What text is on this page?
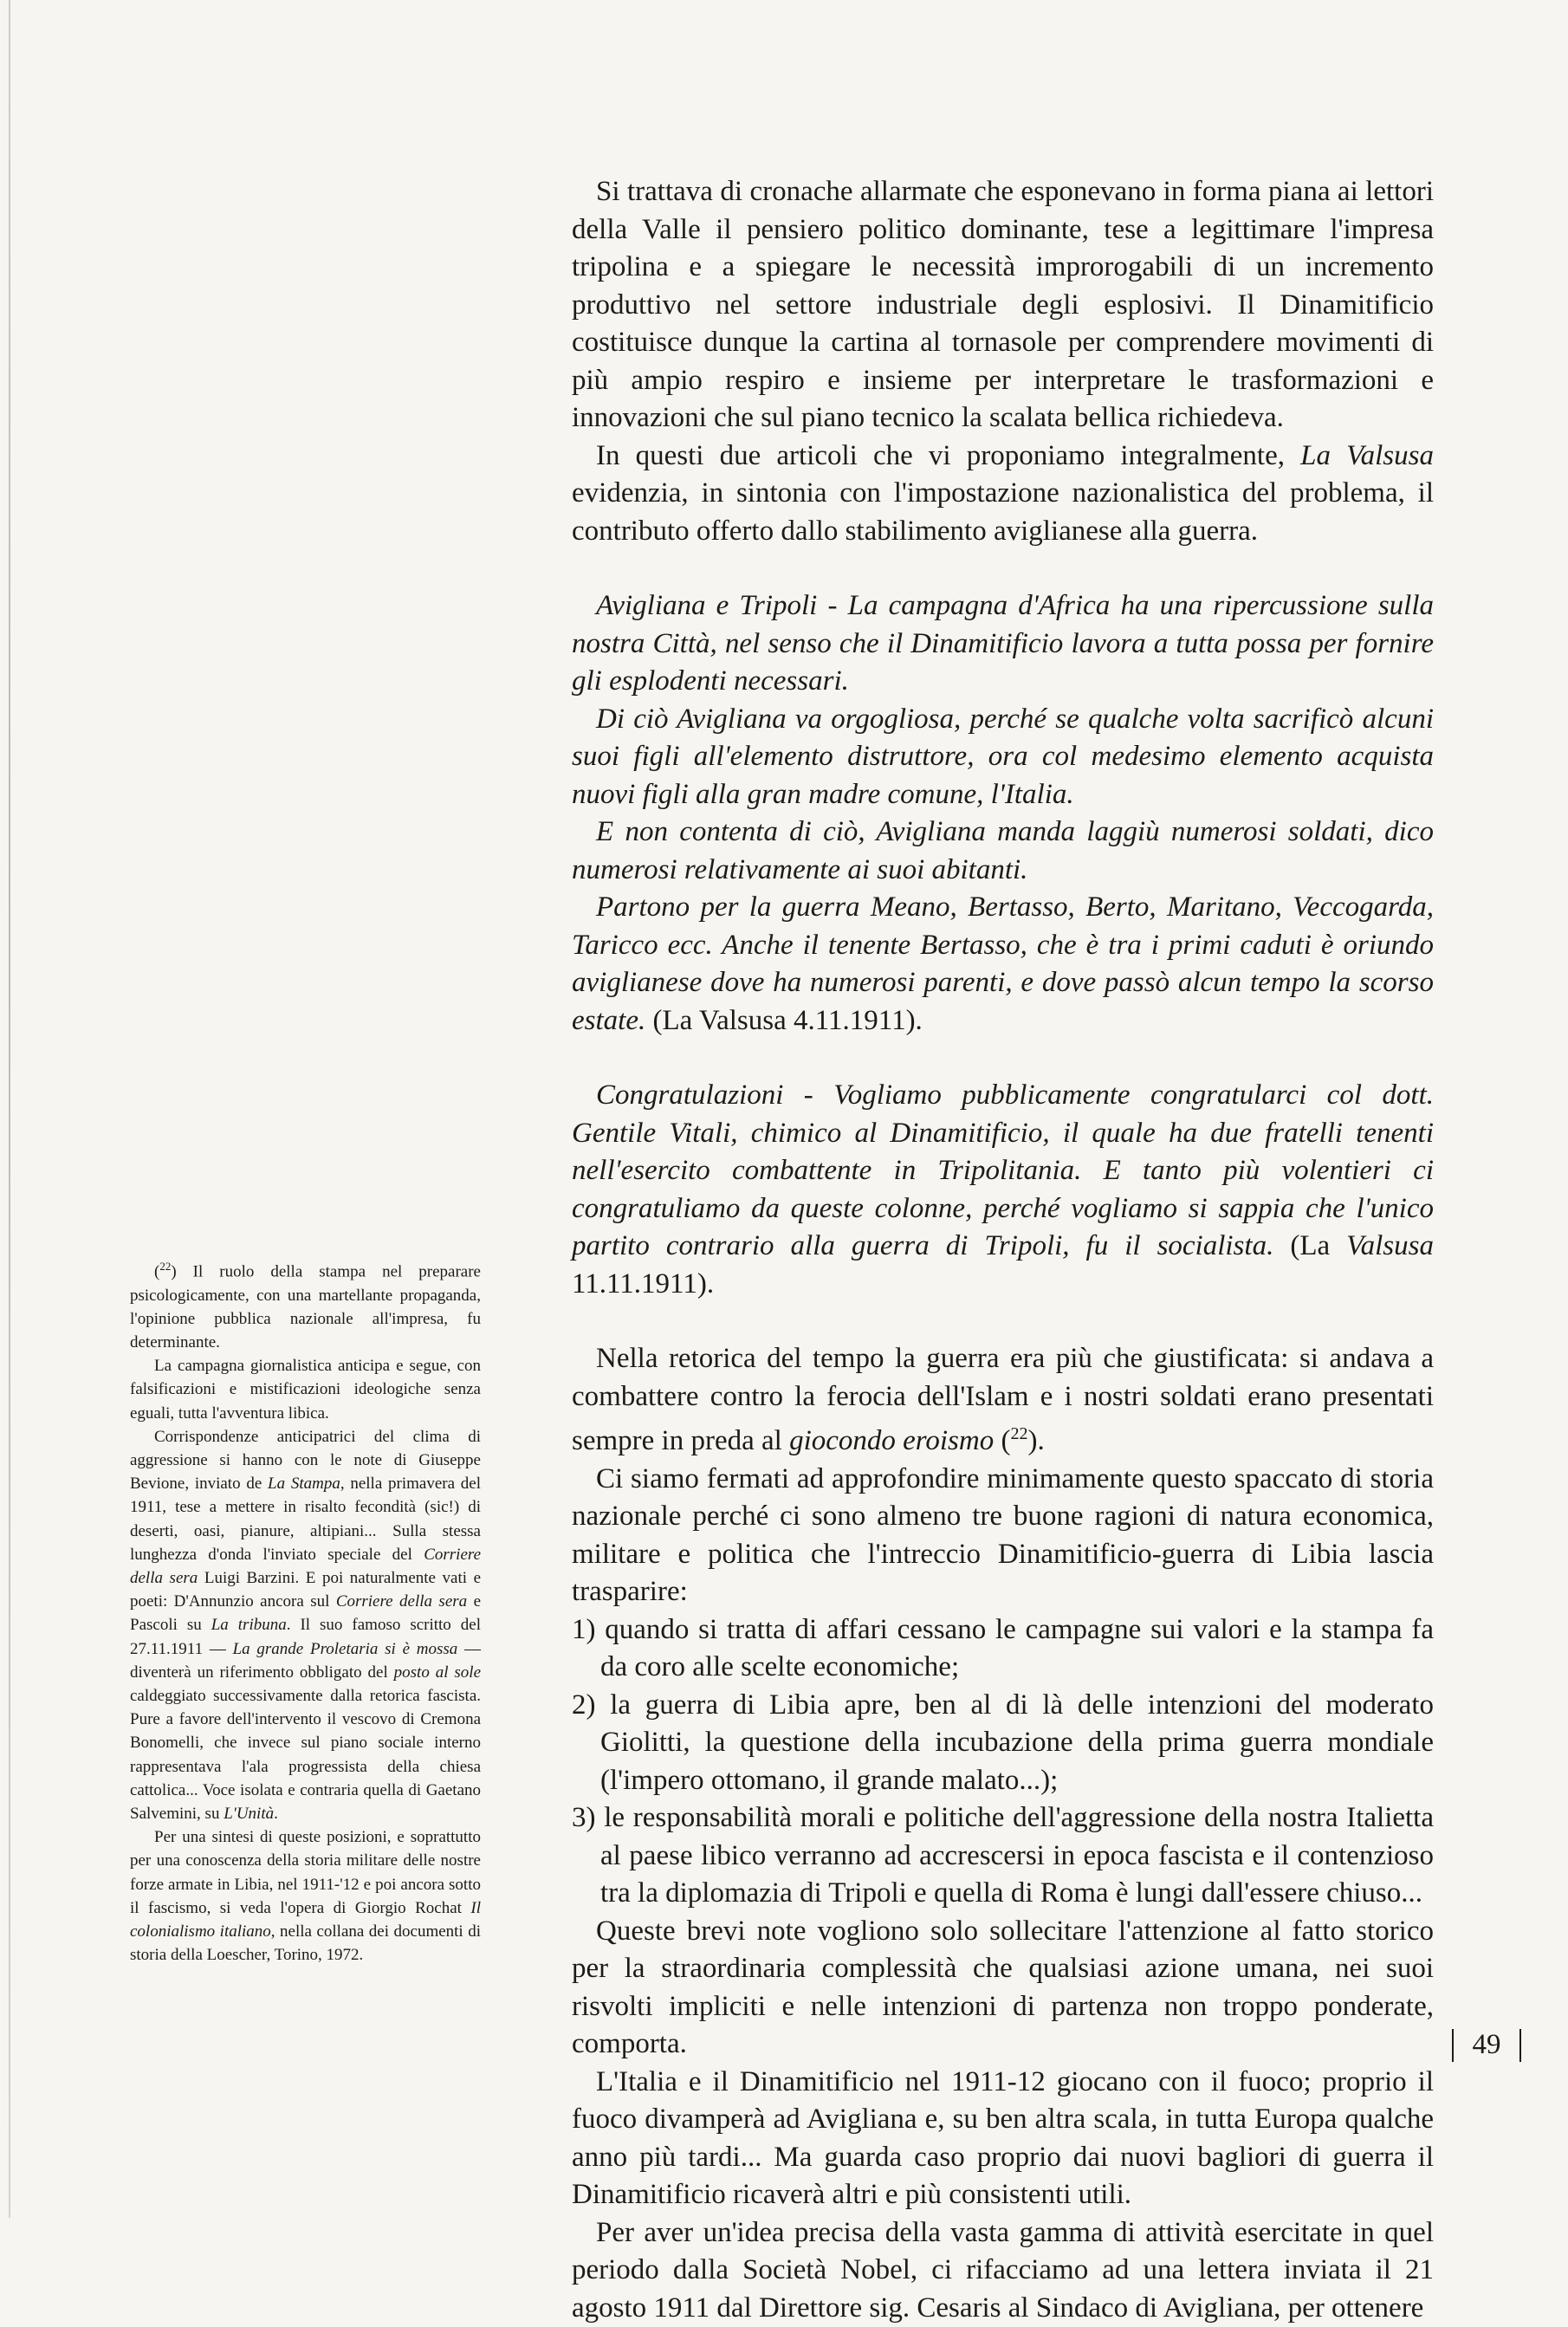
Si trattava di cronache allarmate che esponevano in forma piana ai lettori della Valle il pensiero politico dominante, tese a legittimare l'impresa tripolina e a spiegare le necessità improrogabili di un incremento produttivo nel settore industriale degli esplosivi. Il Dinamitificio costituisce dunque la cartina al tornasole per comprendere movimenti di più ampio respiro e insieme per interpretare le trasformazioni e innovazioni che sul piano tecnico la scalata bellica richiedeva.

In questi due articoli che vi proponiamo integralmente, La Valsusa evidenzia, in sintonia con l'impostazione nazionalistica del problema, il contributo offerto dallo stabilimento aviglianese alla guerra.

Avigliana e Tripoli - La campagna d'Africa ha una ripercussione sulla nostra Città, nel senso che il Dinamitificio lavora a tutta possa per fornire gli esplodenti necessari.

Di ciò Avigliana va orgogliosa, perché se qualche volta sacrificò alcuni suoi figli all'elemento distruttore, ora col medesimo elemento acquista nuovi figli alla gran madre comune, l'Italia.

E non contenta di ciò, Avigliana manda laggiù numerosi soldati, dico numerosi relativamente ai suoi abitanti.

Partono per la guerra Meano, Bertasso, Berto, Maritano, Veccogarda, Taricco ecc. Anche il tenente Bertasso, che è tra i primi caduti è oriundo aviglianese dove ha numerosi parenti, e dove passò alcun tempo la scorso estate. (La Valsusa 4.11.1911).

Congratulazioni - Vogliamo pubblicamente congratularci col dott. Gentile Vitali, chimico al Dinamitificio, il quale ha due fratelli tenenti nell'esercito combattente in Tripolitania. E tanto più volentieri ci congratuliamo da queste colonne, perché vogliamo si sappia che l'unico partito contrario alla guerra di Tripoli, fu il socialista. (La Valsusa 11.11.1911).

Nella retorica del tempo la guerra era più che giustificata: si andava a combattere contro la ferocia dell'Islam e i nostri soldati erano presentati sempre in preda al giocondo eroismo ($^{22}$).

Ci siamo fermati ad approfondire minimamente questo spaccato di storia nazionale perché ci sono almeno tre buone ragioni di natura economica, militare e politica che l'intreccio Dinamitificio-guerra di Libia lascia trasparire:

1) quando si tratta di affari cessano le campagne sui valori e la stampa fa da coro alle scelte economiche;

2) la guerra di Libia apre, ben al di là delle intenzioni del moderato Giolitti, la questione della incubazione della prima guerra mondiale (l'impero ottomano, il grande malato...);

3) le responsabilità morali e politiche dell'aggressione della nostra Italietta al paese libico verranno ad accrescersi in epoca fascista e il contenzioso tra la diplomazia di Tripoli e quella di Roma è lungi dall'essere chiuso...

Queste brevi note vogliono solo sollecitare l'attenzione al fatto storico per la straordinaria complessità che qualsiasi azione umana, nei suoi risvolti impliciti e nelle intenzioni di partenza non troppo ponderate, comporta.

L'Italia e il Dinamitificio nel 1911-12 giocano con il fuoco; proprio il fuoco divamperà ad Avigliana e, su ben altra scala, in tutta Europa qualche anno più tardi... Ma guarda caso proprio dai nuovi bagliori di guerra il Dinamitificio ricaverà altri e più consistenti utili.

Per aver un'idea precisa della vasta gamma di attività esercitate in quel periodo dalla Società Nobel, ci rifacciamo ad una lettera inviata il 21 agosto 1911 dal Direttore sig. Cesaris al Sindaco di Avigliana, per ottenere

($^{22}$) Il ruolo della stampa nel preparare psicologicamente, con una martellante propaganda, l'opinione pubblica nazionale all'impresa, fu determinante.

La campagna giornalistica anticipa e segue, con falsificazioni e mistificazioni ideologiche senza eguali, tutta l'avventura libica.

Corrispondenze anticipatrici del clima di aggressione si hanno con le note di Giuseppe Bevione, inviato de La Stampa, nella primavera del 1911, tese a mettere in risalto fecondità (sic!) di deserti, oasi, pianure, altipiani... Sulla stessa lunghezza d'onda l'inviato speciale del Corriere della sera Luigi Barzini. E poi naturalmente vati e poeti: D'Annunzio ancora sul Corriere della sera e Pascoli su La tribuna. Il suo famoso scritto del 27.11.1911 — La grande Proletaria si è mossa — diventerà un riferimento obbligato del posto al sole caldeggiato successivamente dalla retorica fascista. Pure a favore dell'intervento il vescovo di Cremona Bonomelli, che invece sul piano sociale interno rappresentava l'ala progressista della chiesa cattolica... Voce isolata e contraria quella di Gaetano Salvemini, su L'Unità.

Per una sintesi di queste posizioni, e soprattutto per una conoscenza della storia militare delle nostre forze armate in Libia, nel 1911-'12 e poi ancora sotto il fascismo, si veda l'opera di Giorgio Rochat Il colonialismo italiano, nella collana dei documenti di storia della Loescher, Torino, 1972.

49
